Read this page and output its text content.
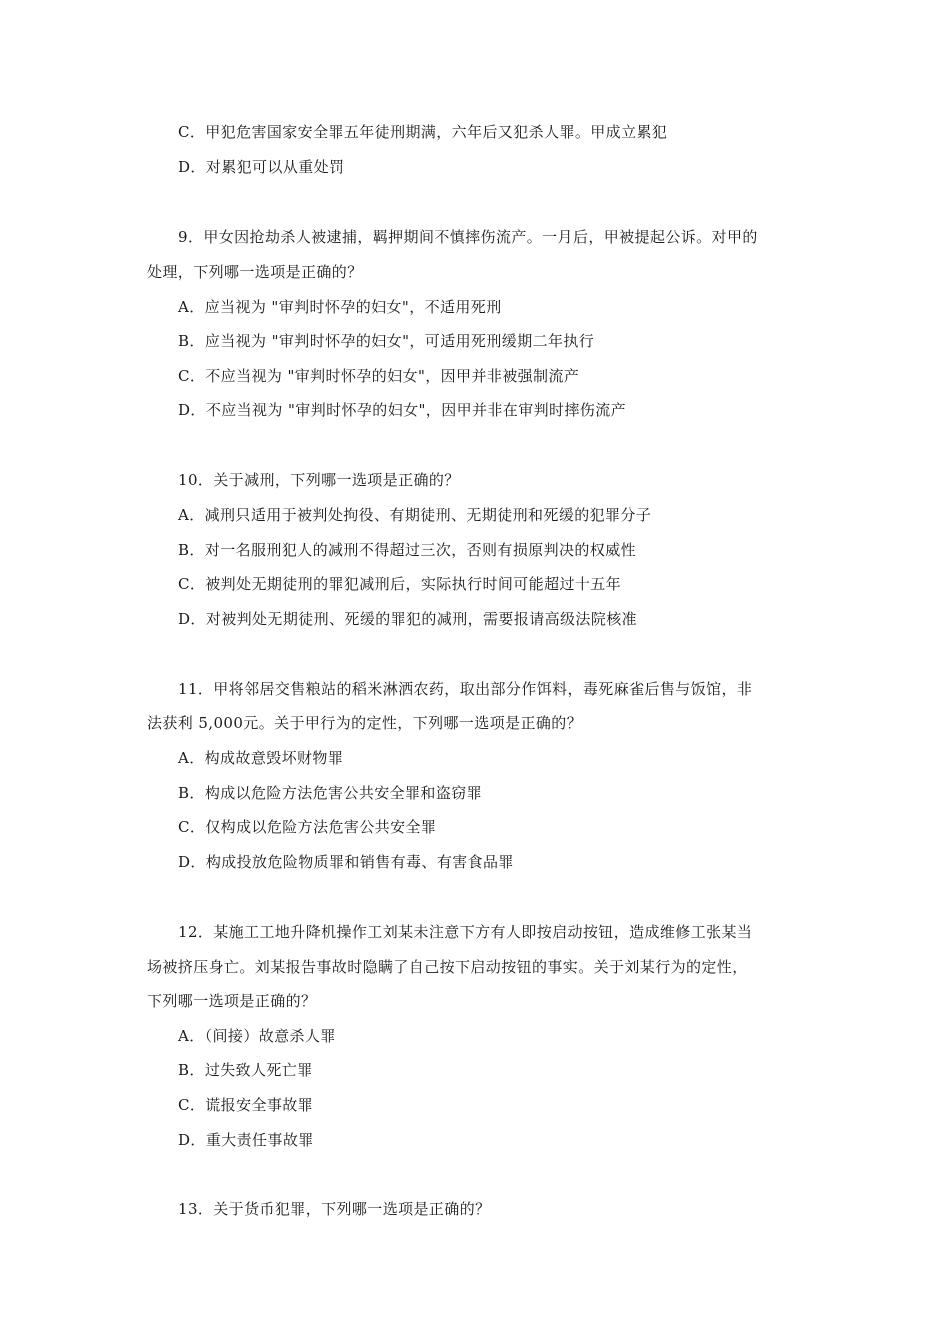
C．甲犯危害国家安全罪五年徒刑期满，六年后又犯杀人罪。甲成立累犯
D．对累犯可以从重处罚
9．甲女因抢劫杀人被逮捕，羁押期间不慎摔伤流产。一月后，甲被提起公诉。对甲的
处理，下列哪一选项是正确的？
A．应当视为 "审判时怀孕的妇女"，不适用死刑
B．应当视为 "审判时怀孕的妇女"，可适用死刑缓期二年执行
C．不应当视为 "审判时怀孕的妇女"，因甲并非被强制流产
D．不应当视为 "审判时怀孕的妇女"，因甲并非在审判时摔伤流产
10．关于减刑，下列哪一选项是正确的？
A．减刑只适用于被判处拘役、有期徒刑、无期徒刑和死缓的犯罪分子
B．对一名服刑犯人的减刑不得超过三次，否则有损原判决的权威性
C．被判处无期徒刑的罪犯减刑后，实际执行时间可能超过十五年
D．对被判处无期徒刑、死缓的罪犯的减刑，需要报请高级法院核准
11．甲将邻居交售粮站的稻米淋洒农药，取出部分作饵料，毒死麻雀后售与饭馆，非
法获利 5,000元。关于甲行为的定性，下列哪一选项是正确的？
A．构成故意毁坏财物罪
B．构成以危险方法危害公共安全罪和盗窃罪
C．仅构成以危险方法危害公共安全罪
D．构成投放危险物质罪和销售有毒、有害食品罪
12．某施工工地升降机操作工刘某未注意下方有人即按启动按钮，造成维修工张某当
场被挤压身亡。刘某报告事故时隐瞒了自己按下启动按钮的事实。关于刘某行为的定性，
下列哪一选项是正确的？
A．（间接）故意杀人罪
B．过失致人死亡罪
C．谎报安全事故罪
D．重大责任事故罪
13．关于货币犯罪，下列哪一选项是正确的？
